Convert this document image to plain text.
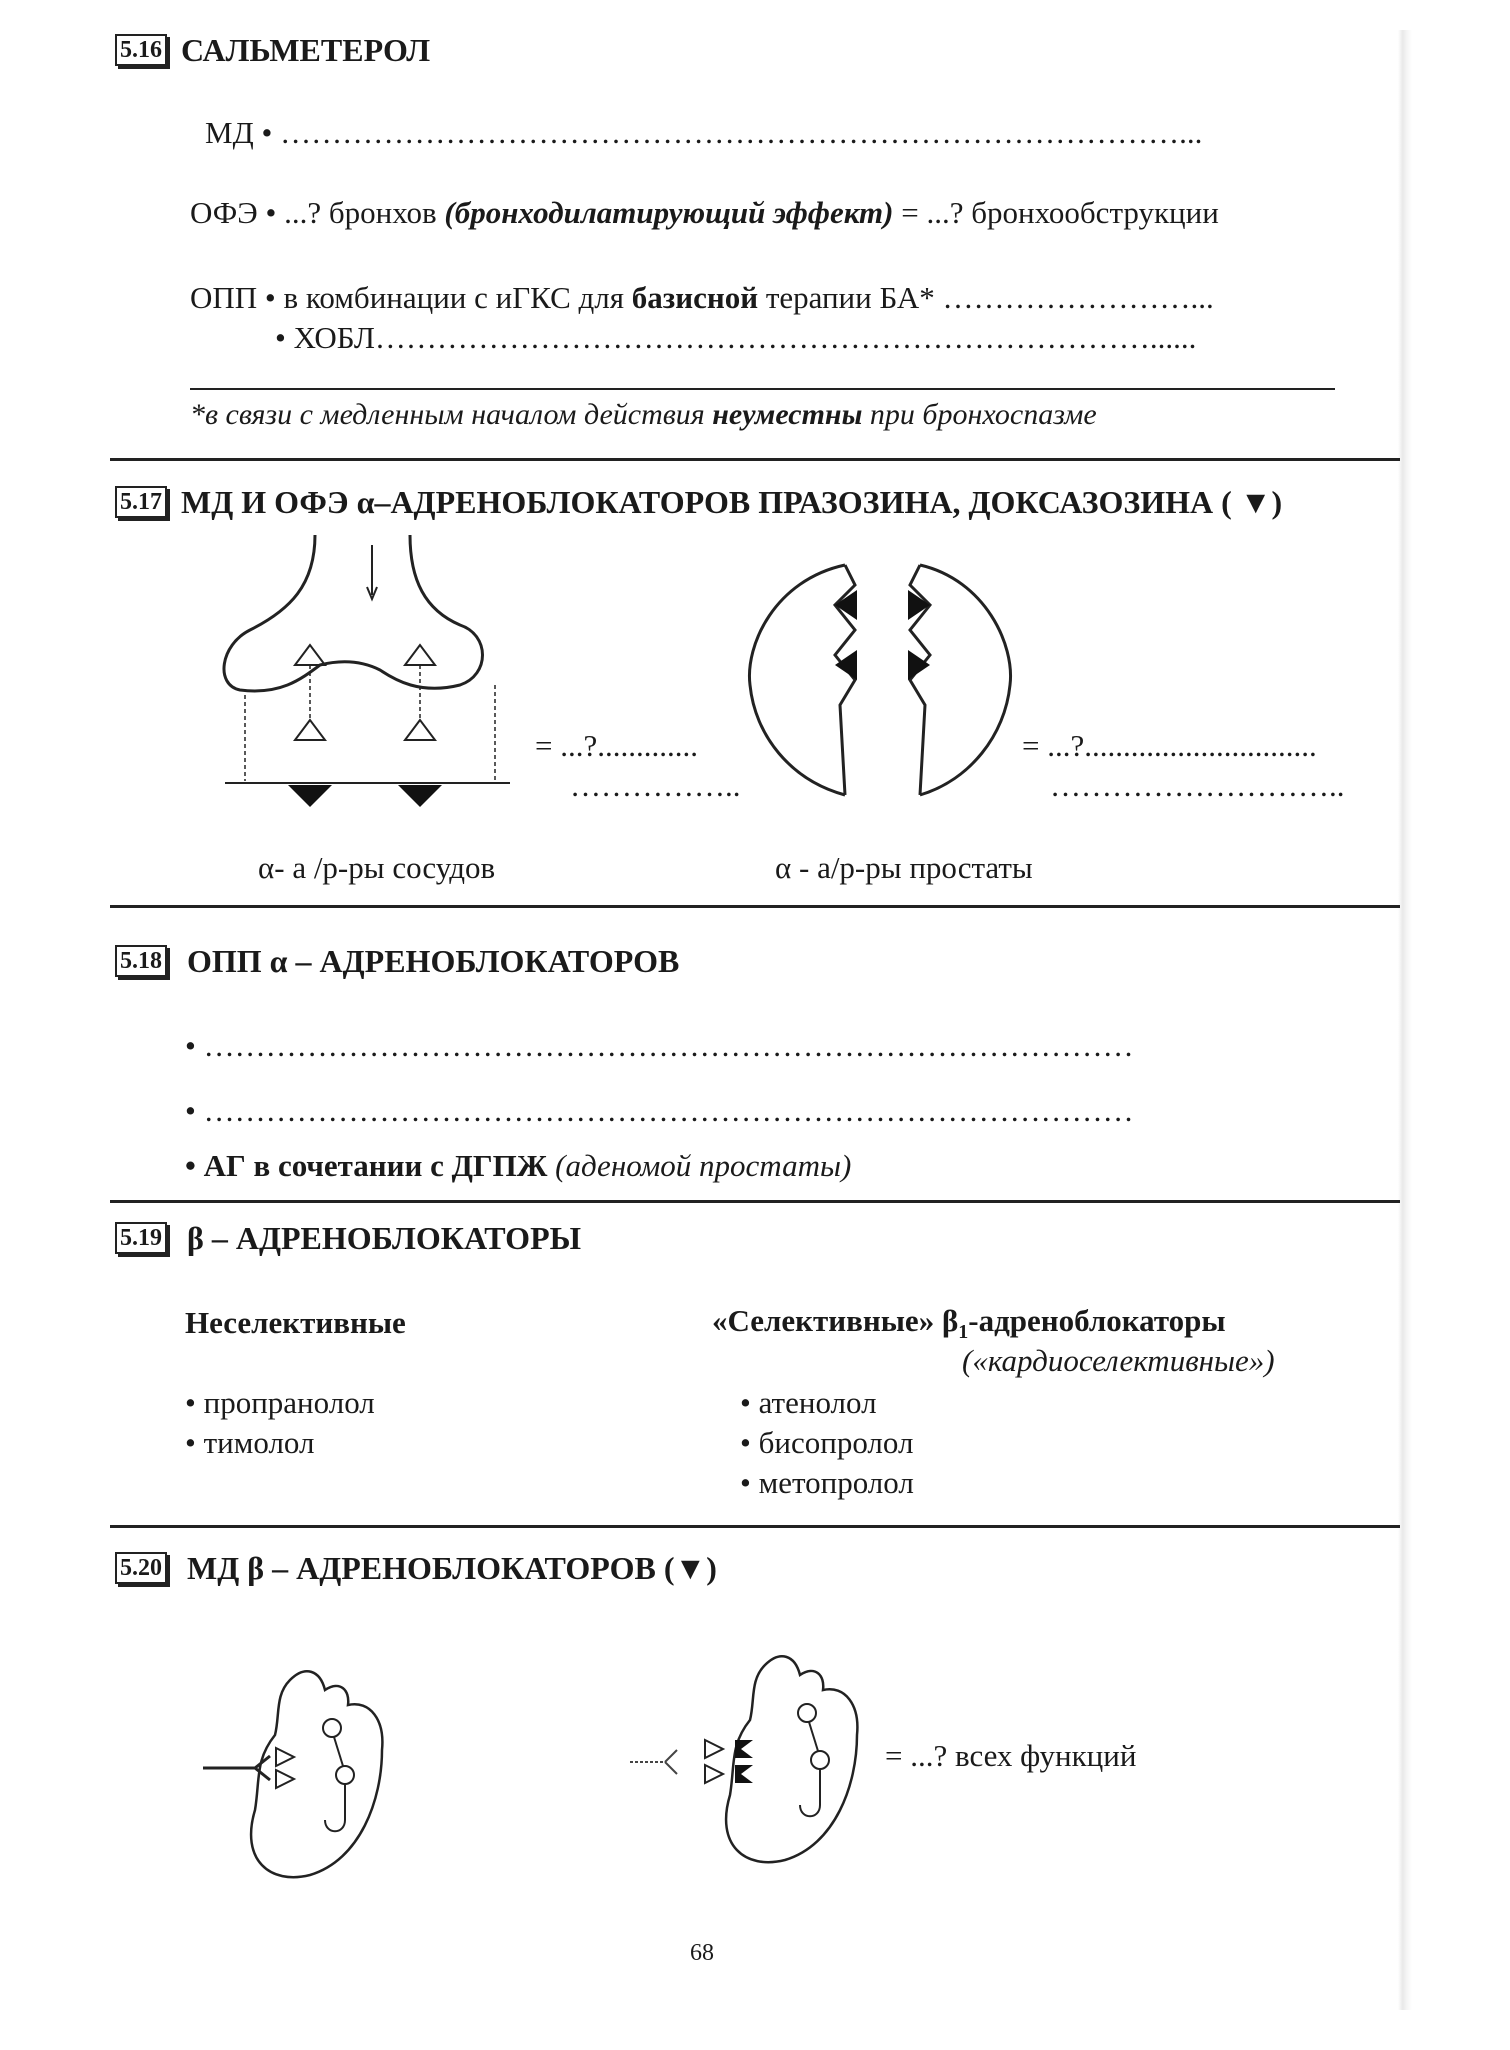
5.16 САЛЬМЕТЕРОЛ
МД • ……………………………………………………………………………...
ОФЭ • ...? бронхов (бронходилатирующий эффект) = ...? бронхообструкции
ОПП • в комбинации с иГКС для базисной терапии БА* ……………………...
• ХОБЛ…………………………………………………………………......
*в связи с медленным началом действия неуместны при бронхоспазме
5.17 МД И ОФЭ α–АДРЕНОБЛОКАТОРОВ ПРАЗОЗИНА, ДОКСАЗОЗИНА ( ▼)
= ...?.............
……………..
= ...?..............................
………………………..
α- а /р-ры сосудов	α - а/р-ры простаты
5.18 ОПП α – АДРЕНОБЛОКАТОРОВ
• ………………………………………………………………………………
• ………………………………………………………………………………
• АГ в сочетании с ДГПЖ (аденомой простаты)
5.19 β – АДРЕНОБЛОКАТОРЫ
Неселективные
• пропранолол
• тимолол
«Селективные» $\beta_1$-адреноблокаторы
(«кардиоселективные»)
• атенолол
• бисопролол
• метопролол
5.20 МД β – АДРЕНОБЛОКАТОРОВ (▼)
= ...? всех функций
68
